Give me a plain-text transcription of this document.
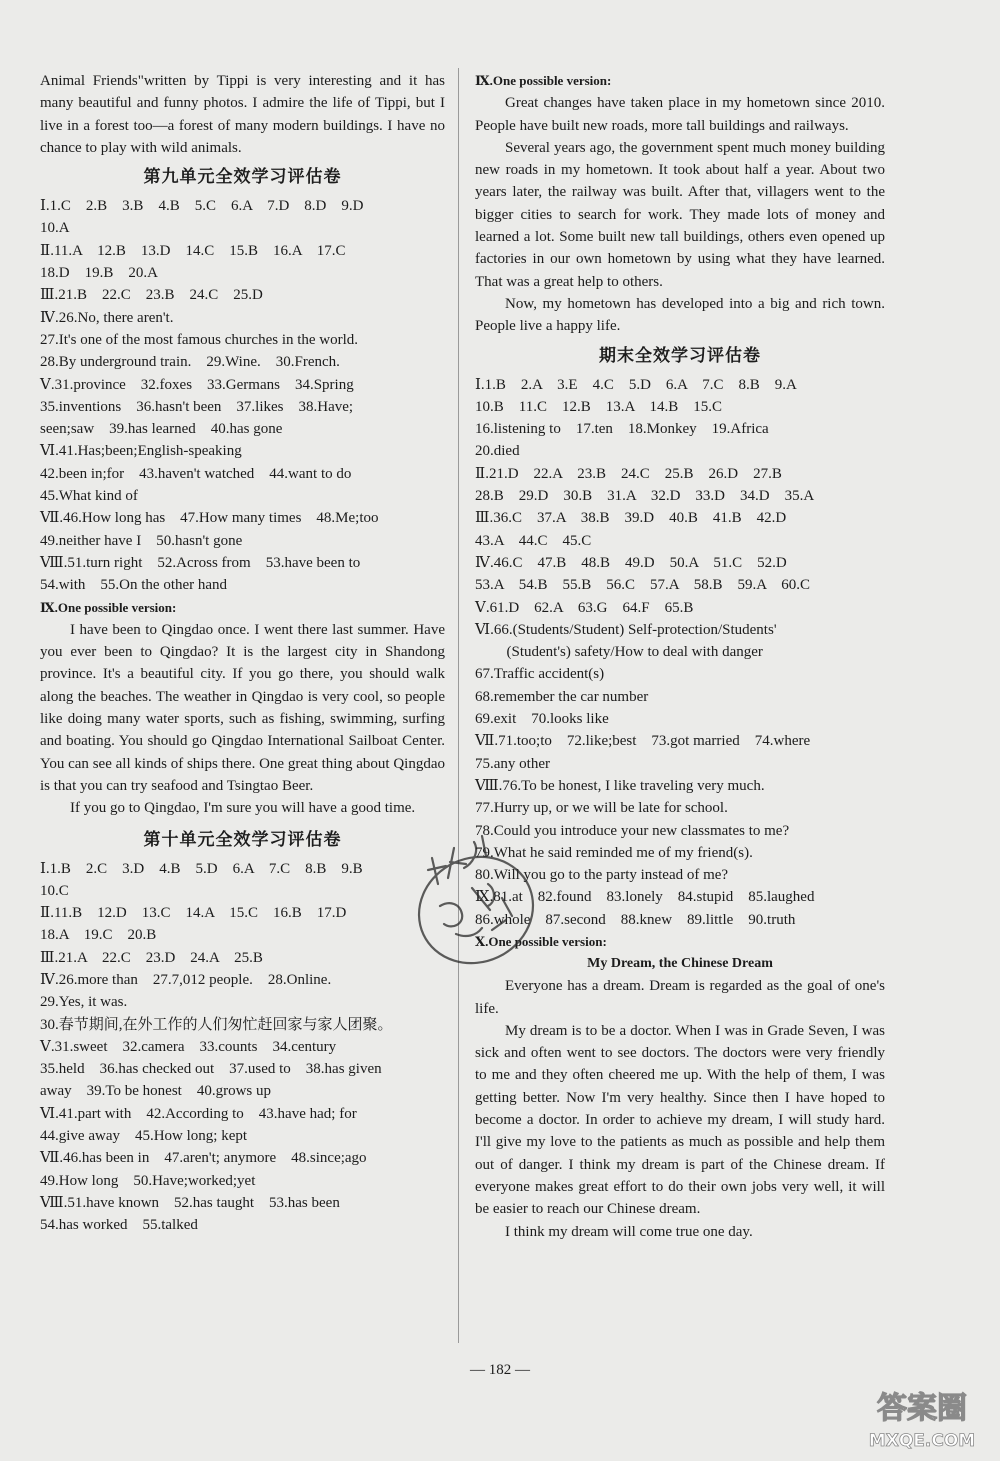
Animal Friends"written by Tippi is very interesting and it has many beautiful and funny photos. I admire the life of Tippi, but I live in a forest too—a forest of many modern buildings. I have no chance to play with wild animals.
第九单元全效学习评估卷
Ⅰ.1.C　2.B　3.B　4.B　5.C　6.A　7.D　8.D　9.D
10.A
Ⅱ.11.A　12.B　13.D　14.C　15.B　16.A　17.C
18.D　19.B　20.A
Ⅲ.21.B　22.C　23.B　24.C　25.D
Ⅳ.26.No, there aren't.
27.It's one of the most famous churches in the world.
28.By underground train.　29.Wine.　30.French.
Ⅴ.31.province　32.foxes　33.Germans　34.Spring
35.inventions　36.hasn't been　37.likes　38.Have;
seen;saw　39.has learned　40.has gone
Ⅵ.41.Has;been;English-speaking
42.been in;for　43.haven't watched　44.want to do
45.What kind of
Ⅶ.46.How long has　47.How many times　48.Me;too
49.neither have I　50.hasn't gone
Ⅷ.51.turn right　52.Across from　53.have been to
54.with　55.On the other hand
Ⅸ.One possible version:
I have been to Qingdao once. I went there last summer. Have you ever been to Qingdao? It is the largest city in Shandong province. It's a beautiful city. If you go there, you should walk along the beaches. The weather in Qingdao is very cool, so people like doing many water sports, such as fishing, swimming, surfing and boating. You should go Qingdao International Sailboat Center. You can see all kinds of ships there. One great thing about Qingdao is that you can try seafood and Tsingtao Beer.
If you go to Qingdao, I'm sure you will have a good time.
第十单元全效学习评估卷
Ⅰ.1.B　2.C　3.D　4.B　5.D　6.A　7.C　8.B　9.B
10.C
Ⅱ.11.B　12.D　13.C　14.A　15.C　16.B　17.D
18.A　19.C　20.B
Ⅲ.21.A　22.C　23.D　24.A　25.B
Ⅳ.26.more than　27.7,012 people.　28.Online.
29.Yes, it was.
30.春节期间,在外工作的人们匆忙赶回家与家人团聚。
Ⅴ.31.sweet　32.camera　33.counts　34.century
35.held　36.has checked out　37.used to　38.has given
away　39.To be honest　40.grows up
Ⅵ.41.part with　42.According to　43.have had; for
44.give away　45.How long; kept
Ⅶ.46.has been in　47.aren't; anymore　48.since;ago
49.How long　50.Have;worked;yet
Ⅷ.51.have known　52.has taught　53.has been
54.has worked　55.talked
Ⅸ.One possible version:
Great changes have taken place in my hometown since 2010. People have built new roads, more tall buildings and railways.
Several years ago, the government spent much money building new roads in my hometown. It took about half a year. About two years later, the railway was built. After that, villagers went to the bigger cities to search for work. They made lots of money and learned a lot. Some built new tall buildings, others even opened up factories in our own hometown by using what they have learned. That was a great help to others.
Now, my hometown has developed into a big and rich town. People live a happy life.
期末全效学习评估卷
Ⅰ.1.B　2.A　3.E　4.C　5.D　6.A　7.C　8.B　9.A
10.B　11.C　12.B　13.A　14.B　15.C
16.listening to　17.ten　18.Monkey　19.Africa
20.died
Ⅱ.21.D　22.A　23.B　24.C　25.B　26.D　27.B
28.B　29.D　30.B　31.A　32.D　33.D　34.D　35.A
Ⅲ.36.C　37.A　38.B　39.D　40.B　41.B　42.D
43.A　44.C　45.C
Ⅳ.46.C　47.B　48.B　49.D　50.A　51.C　52.D
53.A　54.B　55.B　56.C　57.A　58.B　59.A　60.C
Ⅴ.61.D　62.A　63.G　64.F　65.B
Ⅵ.66.(Students/Student) Self-protection/Students'
(Student's) safety/How to deal with danger
67.Traffic accident(s)
68.remember the car number
69.exit　70.looks like
Ⅶ.71.too;to　72.like;best　73.got married　74.where
75.any other
Ⅷ.76.To be honest, I like traveling very much.
77.Hurry up, or we will be late for school.
78.Could you introduce your new classmates to me?
79.What he said reminded me of my friend(s).
80.Will you go to the party instead of me?
Ⅸ.81.at　82.found　83.lonely　84.stupid　85.laughed
86.whole　87.second　88.knew　89.little　90.truth
Ⅹ.One possible version:
My Dream, the Chinese Dream
Everyone has a dream. Dream is regarded as the goal of one's life.
My dream is to be a doctor. When I was in Grade Seven, I was sick and often went to see doctors. The doctors were very friendly to me and they often cheered me up. With the help of them, I was getting better. Now I'm very healthy. Since then I have hoped to become a doctor. In order to achieve my dream, I will study hard. I'll give my love to the patients as much as possible and help them out of danger. I think my dream is part of the Chinese dream. If everyone makes great effort to do their own jobs very well, it will be easier to reach our Chinese dream.
I think my dream will come true one day.
— 182 —
答案圈
MXQE.COM
